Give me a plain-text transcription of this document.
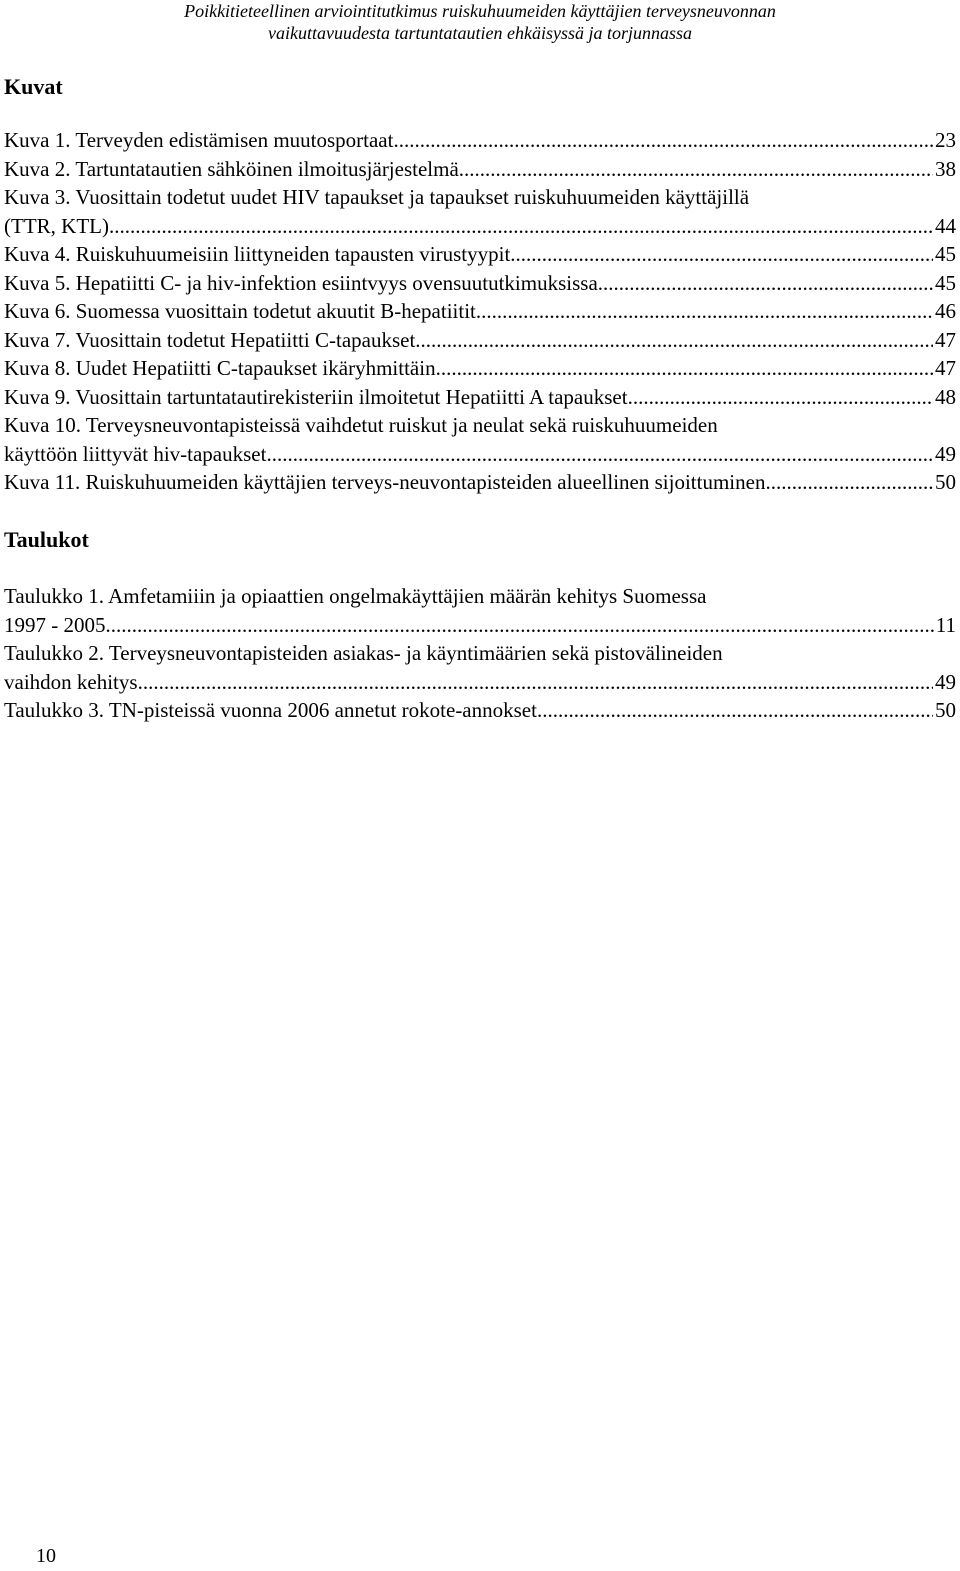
Poikkitieteellinen arviointitutkimus ruiskuhuumeiden käyttäjien terveysneuvonnan
vaikuttavuudesta tartuntatautien ehkäisyssä ja torjunnassa
Kuvat
Kuva 1. Terveyden edistämisen muutosportaat .....	23
Kuva 2. Tartuntatautien sähköinen ilmoitusjärjestelmä .....	38
Kuva 3. Vuosittain todetut uudet HIV tapaukset ja tapaukset ruiskuhuumeiden käyttäjillä
(TTR, KTL). .....	44
Kuva 4. Ruiskuhuumeisiin liittyneiden tapausten virustyypit .....	45
Kuva 5. Hepatiitti C- ja hiv-infektion esiintvyys ovensuututkimuksissa .....	45
Kuva 6. Suomessa vuosittain todetut akuutit B-hepatiitit .....	46
Kuva 7. Vuosittain todetut Hepatiitti C-tapaukset .....	47
Kuva 8. Uudet Hepatiitti C-tapaukset ikäryhmittäin .....	47
Kuva 9. Vuosittain tartuntatautirekisteriin ilmoitetut Hepatiitti A tapaukset .....	48
Kuva 10. Terveysneuvontapisteissä vaihdetut ruiskut ja neulat sekä ruiskuhuumeiden
käyttöön liittyvät hiv-tapaukset .....	49
Kuva 11. Ruiskuhuumeiden käyttäjien terveys-neuvontapisteiden alueellinen sijoittuminen .....	50
Taulukot
Taulukko 1. Amfetamiiin ja opiaattien ongelmakäyttäjien määrän kehitys Suomessa
1997 - 2005. .....	11
Taulukko 2. Terveysneuvontapisteiden asiakas- ja käyntimäärien sekä pistovälineiden
vaihdon kehitys .....	49
Taulukko 3. TN-pisteissä vuonna 2006 annetut rokote-annokset .....	50
10
